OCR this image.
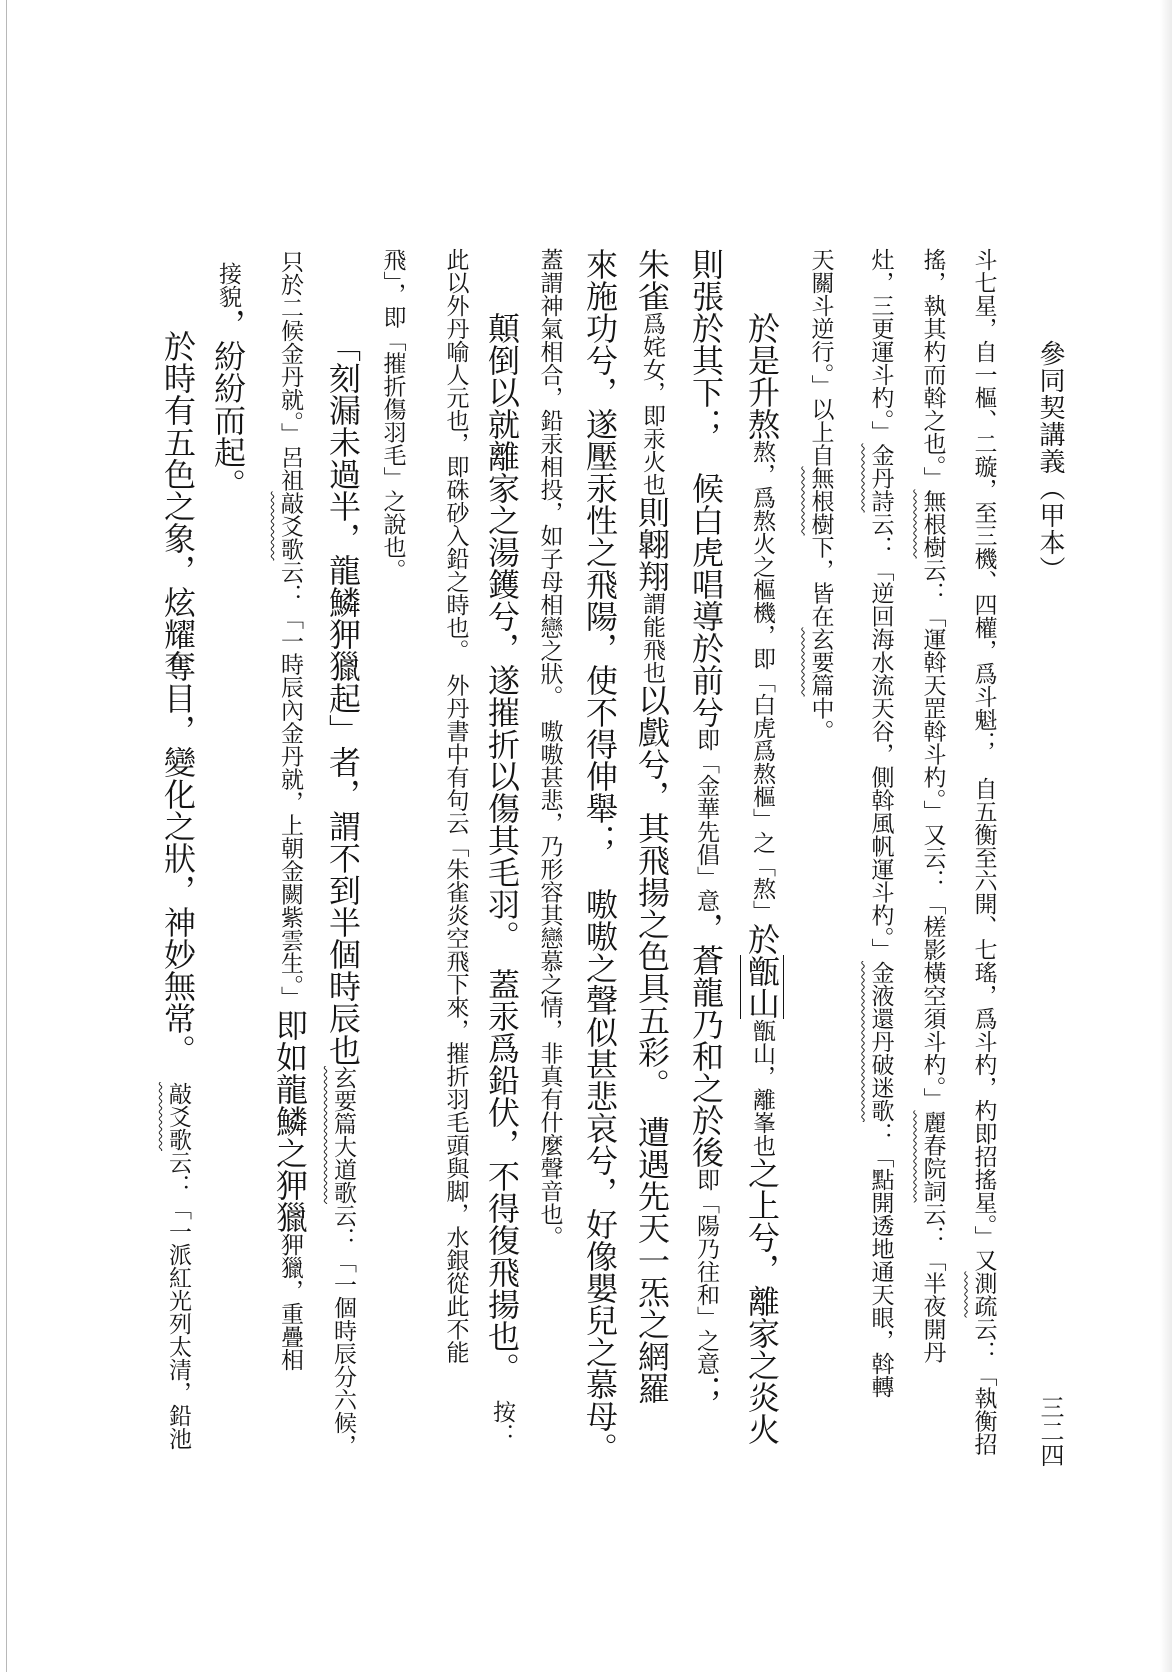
參同契講義（甲本）
三二四
斗七星，自一樞、二璇，至三機、四權，爲斗魁；　自五衡至六開、七瑤，爲斗杓，杓即招搖星。」又測疏云：「執衡招
搖，執其杓而斡之也。」無根樹云：「運斡天罡斡斗杓。」又云：「槎影橫空須斗杓。」麗春院詞云：「半夜開丹
灶，三更運斗杓。」金丹詩云：「逆回海水流天谷，側斡風帆運斗杓。」金液還丹破迷歌：「點開透地通天眼，斡轉
天關斗逆行。」以上自無根樹下，皆在玄要篇中。
於是升熬熬，爲熬火之樞機，即「白虎爲熬樞」之「熬」於甑山甑山，離峯也之上兮，離家之炎火
則張於其下；　候白虎唱導於前兮即「金華先倡」意，蒼龍乃和之於後即「陽乃往和」之意；
朱雀爲姹女，即汞火也則翺翔謂能飛也以戲兮，其飛揚之色具五彩。　遭遇先天一炁之網羅
來施功兮，遂壓汞性之飛陽，使不得伸舉；　嗷嗷之聲似甚悲哀兮，好像嬰兒之慕母。
蓋謂神氣相合，鉛汞相投，如子母相戀之狀。　嗷嗷甚悲，乃形容其戀慕之情，非真有什麼聲音也。
顛倒以就離家之湯鑊兮，遂摧折以傷其毛羽。　蓋汞爲鉛伏，不得復飛揚也。　按：
此以外丹喻人元也，即硃砂入鉛之時也。　外丹書中有句云「朱雀炎空飛下來，摧折羽毛頭與脚，水銀從此不能
飛」，即「摧折傷羽毛」之說也。
「刻漏未過半，龍鱗狎獵起」者，謂不到半個時辰也玄要篇大道歌云：「一個時辰分六候，
只於二候金丹就。」呂祖敲爻歌云：「一時辰內金丹就，上朝金闕紫雲生。」即如龍鱗之狎獵狎獵，重疊相
接貌，紛紛而起。
於時有五色之象，炫耀奪目，變化之狀，神妙無常。　敲爻歌云：「一派紅光列太清，鉛池
